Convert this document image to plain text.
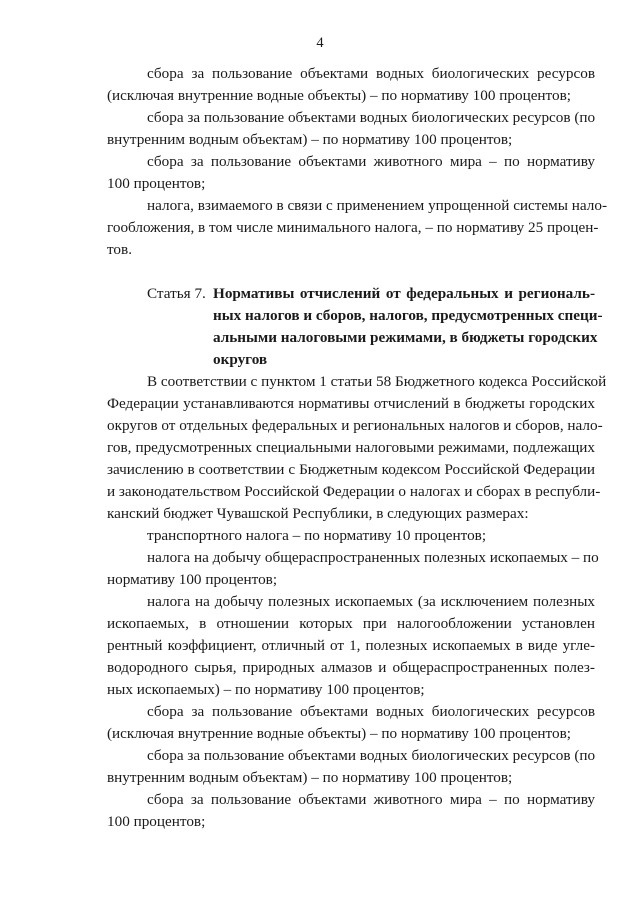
4
сбора за пользование объектами водных биологических ресурсов
(исключая внутренние водные объекты) – по нормативу 100 процентов;
сбора за пользование объектами водных биологических ресурсов (по
внутренним водным объектам) – по нормативу 100 процентов;
сбора за пользование объектами животного мира – по нормативу
100 процентов;
налога, взимаемого в связи с применением упрощенной системы нало-
гообложения, в том числе минимального налога, – по нормативу 25 процен-
тов.
Статья 7. Нормативы отчислений от федеральных и региональ-
ных налогов и сборов, налогов, предусмотренных специ-
альными налоговыми режимами, в бюджеты городских
округов
В соответствии с пунктом 1 статьи 58 Бюджетного кодекса Российской
Федерации устанавливаются нормативы отчислений в бюджеты городских
округов от отдельных федеральных и региональных налогов и сборов, нало-
гов, предусмотренных специальными налоговыми режимами, подлежащих
зачислению в соответствии с Бюджетным кодексом Российской Федерации
и законодательством Российской Федерации о налогах и сборах в республи-
канский бюджет Чувашской Республики, в следующих размерах:
транспортного налога – по нормативу 10 процентов;
налога на добычу общераспространенных полезных ископаемых – по
нормативу 100 процентов;
налога на добычу полезных ископаемых (за исключением полезных
ископаемых, в отношении которых при налогообложении установлен
рентный коэффициент, отличный от 1, полезных ископаемых в виде угле-
водородного сырья, природных алмазов и общераспространенных полез-
ных ископаемых) – по нормативу 100 процентов;
сбора за пользование объектами водных биологических ресурсов
(исключая внутренние водные объекты) – по нормативу 100 процентов;
сбора за пользование объектами водных биологических ресурсов (по
внутренним водным объектам) – по нормативу 100 процентов;
сбора за пользование объектами животного мира – по нормативу
100 процентов;
